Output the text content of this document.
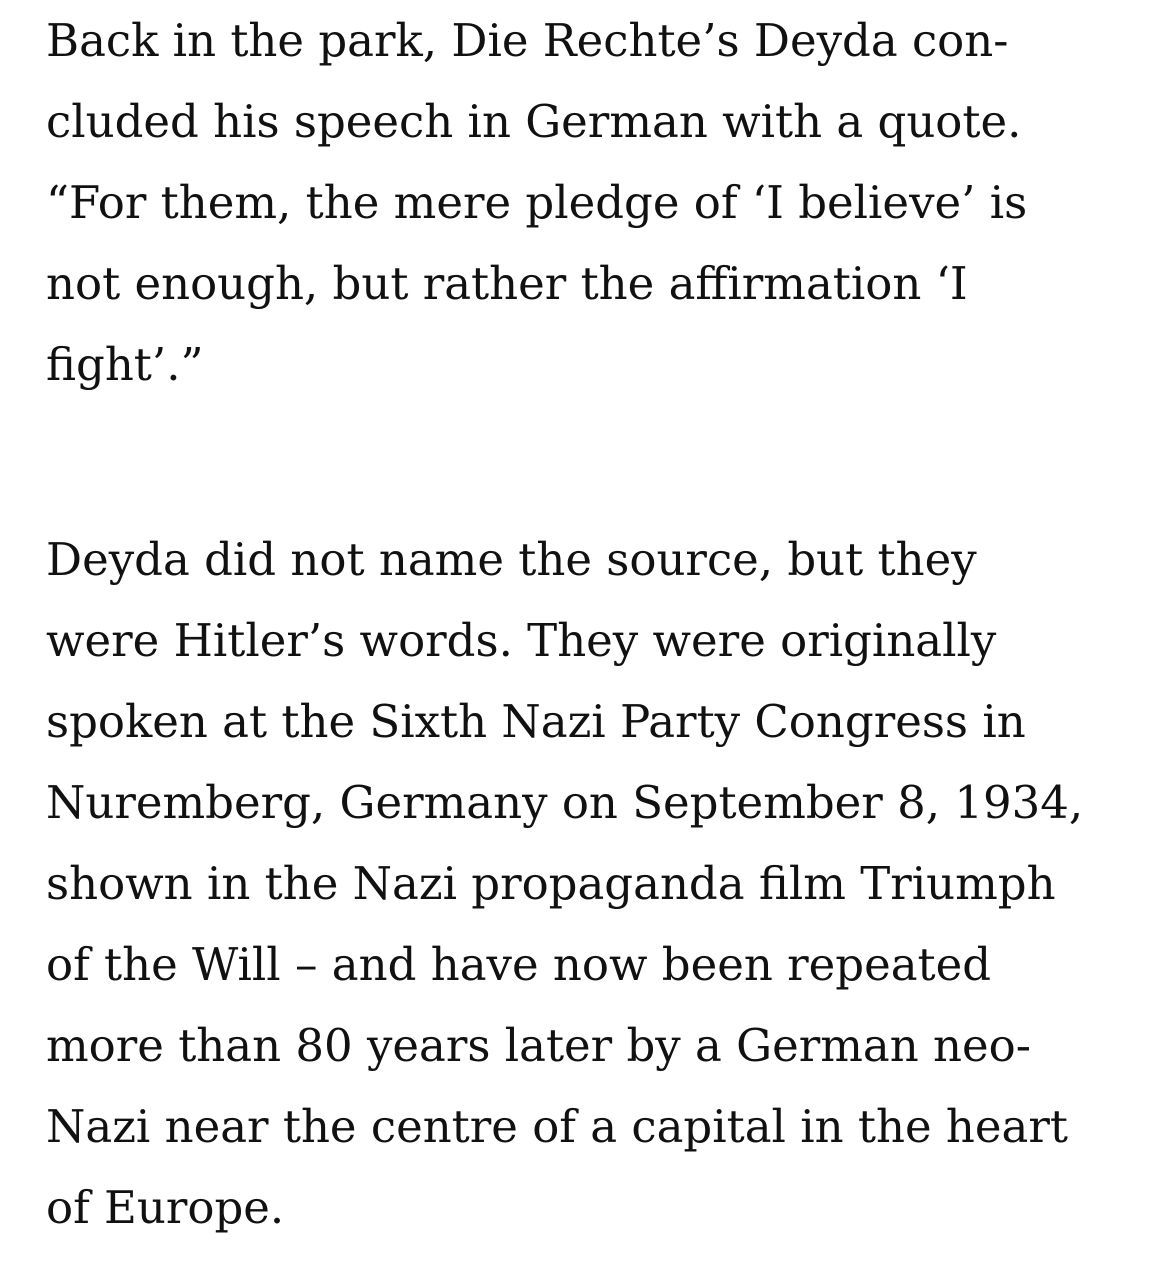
Back in the park, Die Rechte’s Deyda con-
cluded his speech in German with a quote.
“For them, the mere pledge of ‘I believe’ is
not enough, but rather the affirmation ‘I
fight’.”

Deyda did not name the source, but they
were Hitler’s words. They were originally
spoken at the Sixth Nazi Party Congress in
Nuremberg, Germany on September 8, 1934,
shown in the Nazi propaganda film Triumph
of the Will – and have now been repeated
more than 80 years later by a German neo-
Nazi near the centre of a capital in the heart
of Europe.
